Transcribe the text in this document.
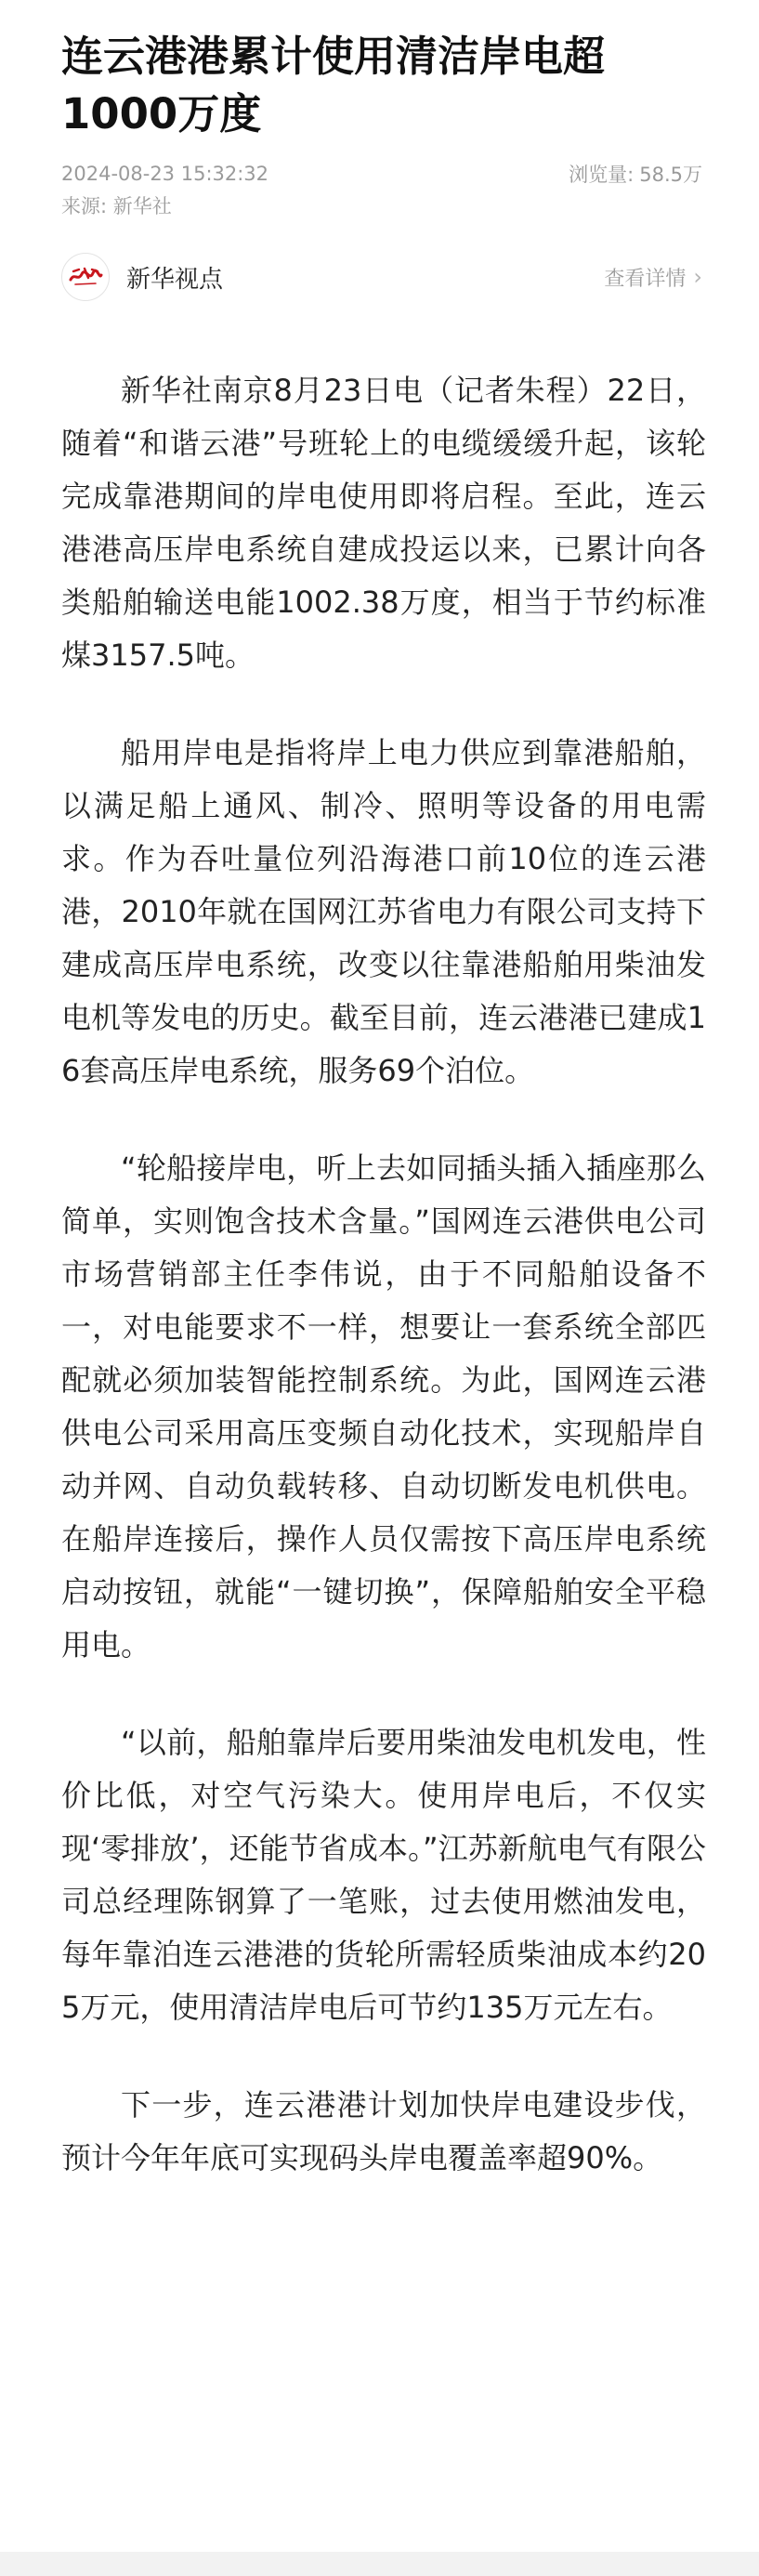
连云港港累计使用清洁岸电超1000万度
2024-08-23 15:32:32	浏览量: 58.5万
来源: 新华社
新华视点	查看详情 ›

新华社南京8月23日电（记者朱程）22日，随着“和谐云港”号班轮上的电缆缓缓升起，该轮完成靠港期间的岸电使用即将启程。至此，连云港港高压岸电系统自建成投运以来，已累计向各类船舶输送电能1002.38万度，相当于节约标准煤3157.5吨。

船用岸电是指将岸上电力供应到靠港船舶，以满足船上通风、制冷、照明等设备的用电需求。作为吞吐量位列沿海港口前10位的连云港港，2010年就在国网江苏省电力有限公司支持下建成高压岸电系统，改变以往靠港船舶用柴油发电机等发电的历史。截至目前，连云港港已建成16套高压岸电系统，服务69个泊位。

“轮船接岸电，听上去如同插头插入插座那么简单，实则饱含技术含量。”国网连云港供电公司市场营销部主任李伟说，由于不同船舶设备不一，对电能要求不一样，想要让一套系统全部匹配就必须加装智能控制系统。为此，国网连云港供电公司采用高压变频自动化技术，实现船岸自动并网、自动负载转移、自动切断发电机供电。在船岸连接后，操作人员仅需按下高压岸电系统启动按钮，就能“一键切换”，保障船舶安全平稳用电。

“以前，船舶靠岸后要用柴油发电机发电，性价比低，对空气污染大。使用岸电后，不仅实现‘零排放’，还能节省成本。”江苏新航电气有限公司总经理陈钢算了一笔账，过去使用燃油发电，每年靠泊连云港港的货轮所需轻质柴油成本约205万元，使用清洁岸电后可节约135万元左右。

下一步，连云港港计划加快岸电建设步伐，预计今年年底可实现码头岸电覆盖率超90%。
